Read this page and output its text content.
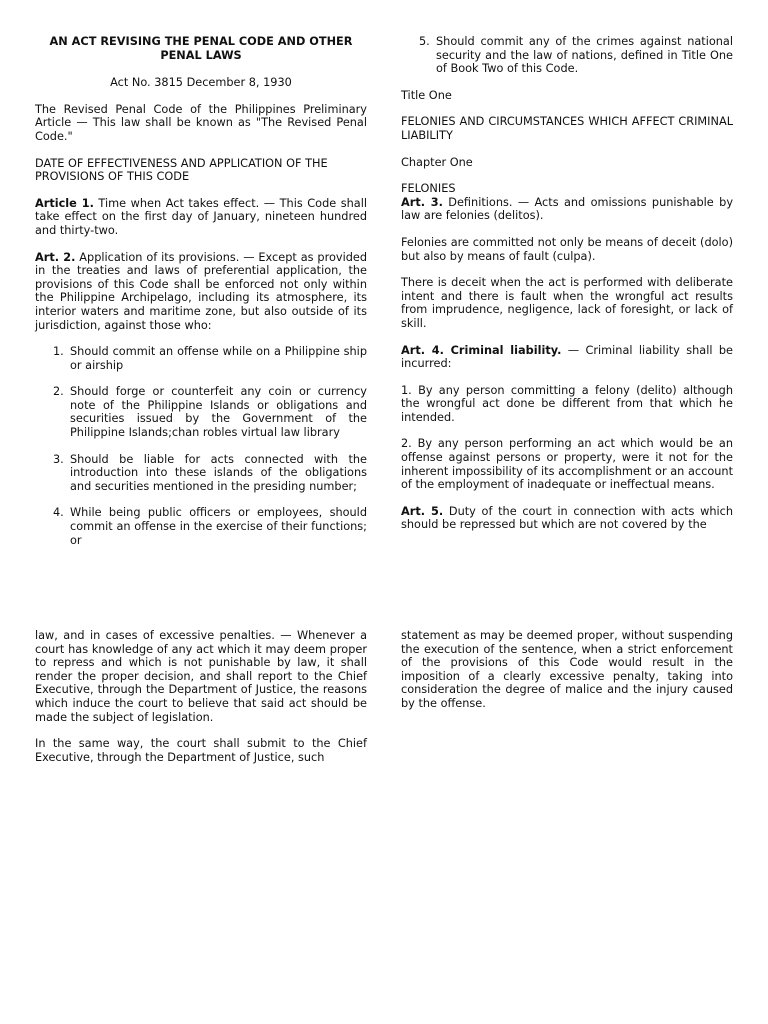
AN ACT REVISING THE PENAL CODE AND OTHER PENAL LAWS

Act No. 3815 December 8, 1930

The Revised Penal Code of the Philippines Preliminary Article — This law shall be known as "The Revised Penal Code."

DATE OF EFFECTIVENESS AND APPLICATION OF THE PROVISIONS OF THIS CODE

Article 1. Time when Act takes effect. — This Code shall take effect on the first day of January, nineteen hundred and thirty-two.

Art. 2. Application of its provisions. — Except as provided in the treaties and laws of preferential application, the provisions of this Code shall be enforced not only within the Philippine Archipelago, including its atmosphere, its interior waters and maritime zone, but also outside of its jurisdiction, against those who:

1. Should commit an offense while on a Philippine ship or airship
2. Should forge or counterfeit any coin or currency note of the Philippine Islands or obligations and securities issued by the Government of the Philippine Islands;chan robles virtual law library
3. Should be liable for acts connected with the introduction into these islands of the obligations and securities mentioned in the presiding number;
4. While being public officers or employees, should commit an offense in the exercise of their functions; or
5. Should commit any of the crimes against national security and the law of nations, defined in Title One of Book Two of this Code.

Title One

FELONIES AND CIRCUMSTANCES WHICH AFFECT CRIMINAL LIABILITY

Chapter One

FELONIES

Art. 3. Definitions. — Acts and omissions punishable by law are felonies (delitos).

Felonies are committed not only be means of deceit (dolo) but also by means of fault (culpa).

There is deceit when the act is performed with deliberate intent and there is fault when the wrongful act results from imprudence, negligence, lack of foresight, or lack of skill.

Art. 4. Criminal liability. — Criminal liability shall be incurred:

1. By any person committing a felony (delito) although the wrongful act done be different from that which he intended.

2. By any person performing an act which would be an offense against persons or property, were it not for the inherent impossibility of its accomplishment or an account of the employment of inadequate or ineffectual means.

Art. 5. Duty of the court in connection with acts which should be repressed but which are not covered by the

law, and in cases of excessive penalties. — Whenever a court has knowledge of any act which it may deem proper to repress and which is not punishable by law, it shall render the proper decision, and shall report to the Chief Executive, through the Department of Justice, the reasons which induce the court to believe that said act should be made the subject of legislation.

In the same way, the court shall submit to the Chief Executive, through the Department of Justice, such

statement as may be deemed proper, without suspending the execution of the sentence, when a strict enforcement of the provisions of this Code would result in the imposition of a clearly excessive penalty, taking into consideration the degree of malice and the injury caused by the offense.
